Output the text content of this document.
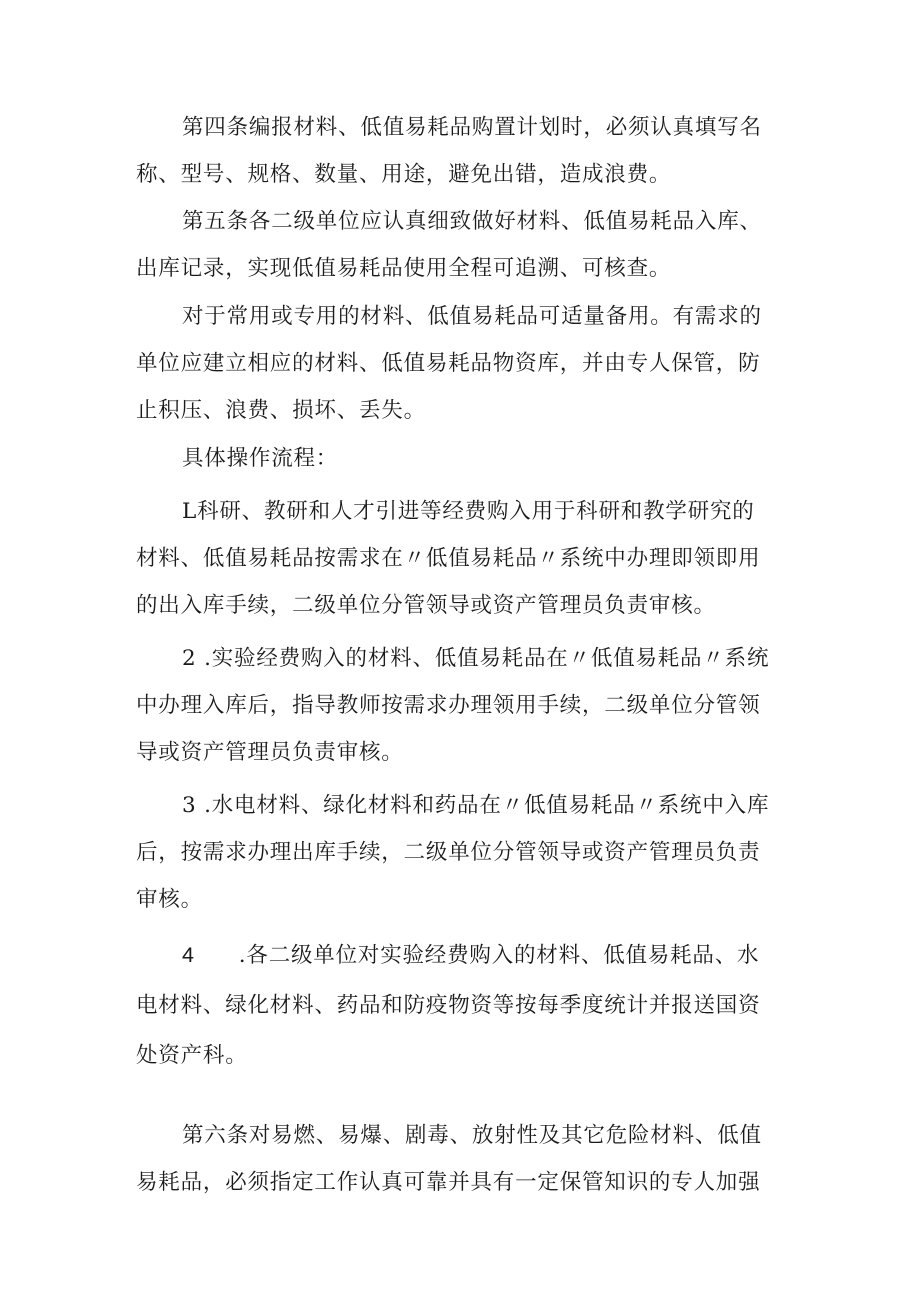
第四条编报材料、低值易耗品购置计划时，必须认真填写名
称、型号、规格、数量、用途，避免出错，造成浪费。

第五条各二级单位应认真细致做好材料、低值易耗品入库、
出库记录，实现低值易耗品使用全程可追溯、可核查。

对于常用或专用的材料、低值易耗品可适量备用。有需求的
单位应建立相应的材料、低值易耗品物资库，并由专人保管，防
止积压、浪费、损坏、丢失。

具体操作流程：

L科研、教研和人才引进等经费购入用于科研和教学研究的
材料、低值易耗品按需求在〃低值易耗品〃系统中办理即领即用
的出入库手续，二级单位分管领导或资产管理员负责审核。

2 .实验经费购入的材料、低值易耗品在〃低值易耗品〃系统
中办理入库后，指导教师按需求办理领用手续，二级单位分管领
导或资产管理员负责审核。

3 .水电材料、绿化材料和药品在〃低值易耗品〃系统中入库
后，按需求办理出库手续，二级单位分管领导或资产管理员负责
审核。

4 .各二级单位对实验经费购入的材料、低值易耗品、水
电材料、绿化材料、药品和防疫物资等按每季度统计并报送国资
处资产科。

第六条对易燃、易爆、剧毒、放射性及其它危险材料、低值
易耗品，必须指定工作认真可靠并具有一定保管知识的专人加强
